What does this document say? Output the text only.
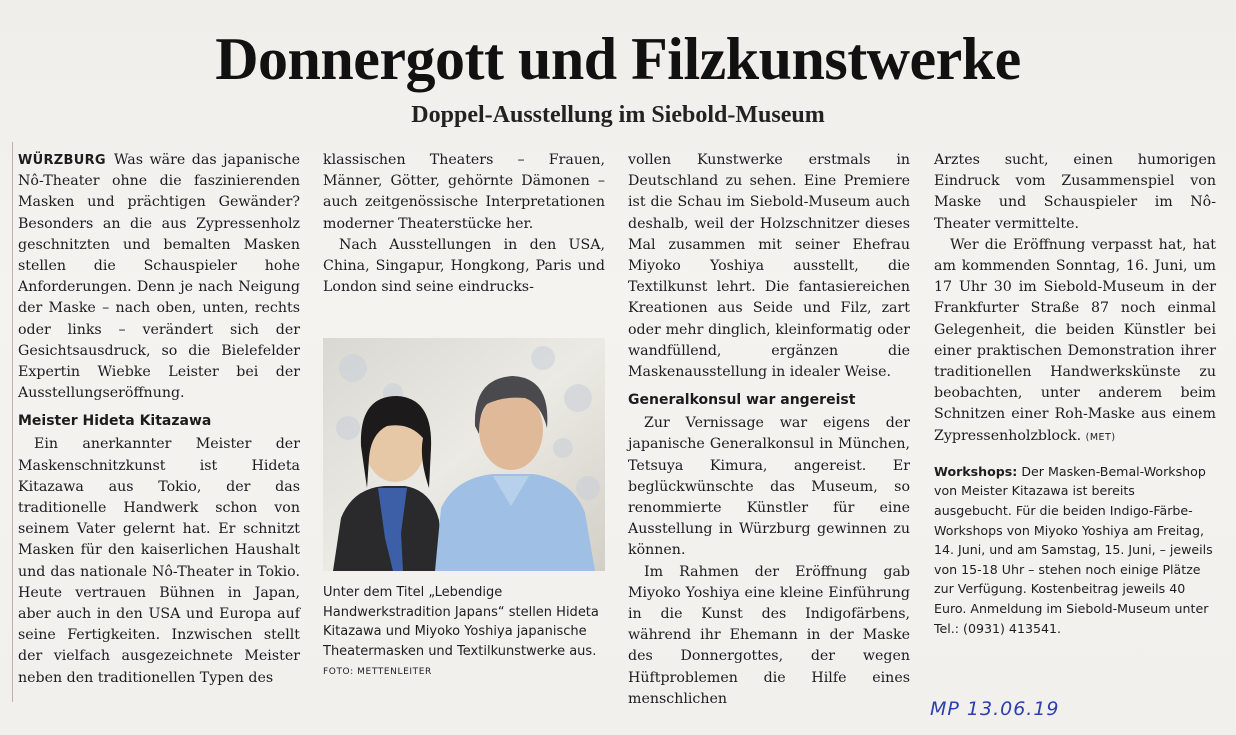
Donnergott und Filzkunstwerke
Doppel-Ausstellung im Siebold-Museum

WÜRZBURG Was wäre das japanische Nô-Theater ohne die faszinierenden Masken und prächtigen Gewänder? Besonders an die aus Zypressenholz geschnitzten und bemalten Masken stellen die Schauspieler hohe Anforderungen. Denn je nach Neigung der Maske – nach oben, unten, rechts oder links – verändert sich der Gesichtsausdruck, so die Bielefelder Expertin Wiebke Leister bei der Ausstellungseröffnung.

Meister Hideta Kitazawa

Ein anerkannter Meister der Maskenschnitzkunst ist Hideta Kitazawa aus Tokio, der das traditionelle Handwerk schon von seinem Vater gelernt hat. Er schnitzt Masken für den kaiserlichen Haushalt und das nationale Nô-Theater in Tokio. Heute vertrauen Bühnen in Japan, aber auch in den USA und Europa auf seine Fertigkeiten. Inzwischen stellt der vielfach ausgezeichnete Meister neben den traditionellen Typen des

klassischen Theaters – Frauen, Männer, Götter, gehörnte Dämonen – auch zeitgenössische Interpretationen moderner Theaterstücke her.

Nach Ausstellungen in den USA, China, Singapur, Hongkong, Paris und London sind seine eindrucks-

Unter dem Titel „Lebendige Handwerkstradition Japans“ stellen Hideta Kitazawa und Miyoko Yoshiya japanische Theatermasken und Textilkunstwerke aus. FOTO: METTENLEITER

vollen Kunstwerke erstmals in Deutschland zu sehen. Eine Premiere ist die Schau im Siebold-Museum auch deshalb, weil der Holzschnitzer dieses Mal zusammen mit seiner Ehefrau Miyoko Yoshiya ausstellt, die Textilkunst lehrt. Die fantasiereichen Kreationen aus Seide und Filz, zart oder mehr dinglich, kleinformatig oder wandfüllend, ergänzen die Maskenausstellung in idealer Weise.

Generalkonsul war angereist

Zur Vernissage war eigens der japanische Generalkonsul in München, Tetsuya Kimura, angereist. Er beglückwünschte das Museum, so renommierte Künstler für eine Ausstellung in Würzburg gewinnen zu können.

Im Rahmen der Eröffnung gab Miyoko Yoshiya eine kleine Einführung in die Kunst des Indigofärbens, während ihr Ehemann in der Maske des Donnergottes, der wegen Hüftproblemen die Hilfe eines menschlichen

Arztes sucht, einen humorigen Eindruck vom Zusammenspiel von Maske und Schauspieler im Nô-Theater vermittelte.

Wer die Eröffnung verpasst hat, hat am kommenden Sonntag, 16. Juni, um 17 Uhr 30 im Siebold-Museum in der Frankfurter Straße 87 noch einmal Gelegenheit, die beiden Künstler bei einer praktischen Demonstration ihrer traditionellen Handwerkskünste zu beobachten, unter anderem beim Schnitzen einer Roh-Maske aus einem Zypressenholzblock. (MET)

Workshops: Der Masken-Bemal-Workshop von Meister Kitazawa ist bereits ausgebucht. Für die beiden Indigo-Färbe-Workshops von Miyoko Yoshiya am Freitag, 14. Juni, und am Samstag, 15. Juni, – jeweils von 15-18 Uhr – stehen noch einige Plätze zur Verfügung. Kostenbeitrag jeweils 40 Euro. Anmeldung im Siebold-Museum unter Tel.: (0931) 413541.
MP 13.06.19
